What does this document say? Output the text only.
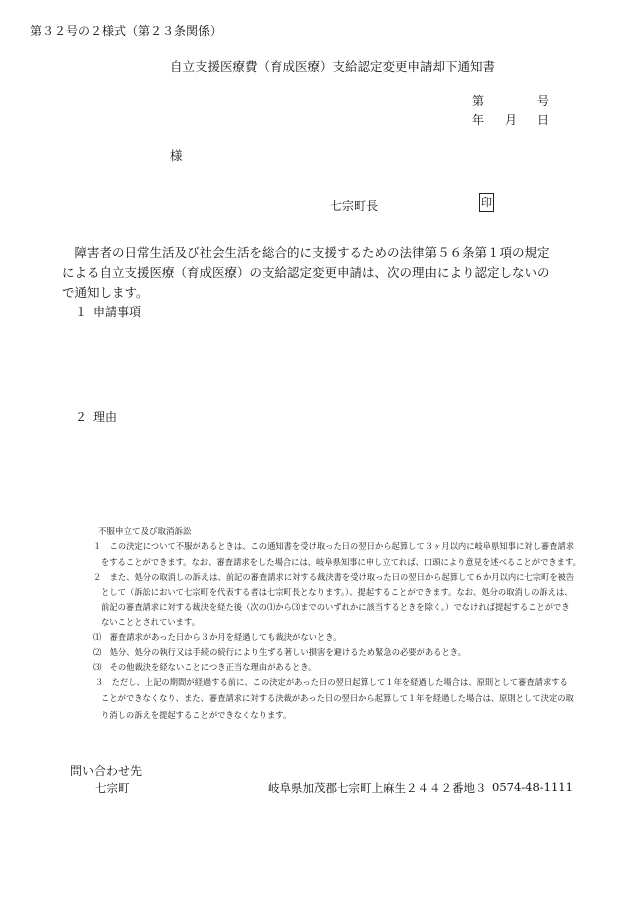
第３２号の２様式（第２３条関係）
自立支援医療費（育成医療）支給認定変更申請却下通知書
第	号
年 月 日
様
七宗町長	印
障害者の日常生活及び社会生活を総合的に支援するための法律第５６条第１項の規定による自立支援医療（育成医療）の支給認定変更申請は、次の理由により認定しないので通知します。
１ 申請事項
２ 理由
不服申立て及び取消訴訟
１　この決定について不服があるときは、この通知書を受け取った日の翌日から起算して３ヶ月以内に岐阜県知事に対し審査請求
をすることができます。なお、審査請求をした場合には、岐阜県知事に申し立てれば、口頭により意見を述べることができます。
２　また、処分の取消しの訴えは、前記の審査請求に対する裁決書を受け取った日の翌日から起算して６か月以内に七宗町を被告
として（訴訟において七宗町を代表する者は七宗町長となります。）、提起することができます。なお、処分の取消しの訴えは、
前記の審査請求に対する裁決を経た後（次の⑴から⑶までのいずれかに該当するときを除く。）でなければ提起することができ
ないこととされています。
⑴　審査請求があった日から３か月を経過しても裁決がないとき。
⑵　処分、処分の執行又は手続の続行により生ずる著しい損害を避けるため緊急の必要があるとき。
⑶　その他裁決を経ないことにつき正当な理由があるとき。
３　ただし、上記の期間が経過する前に、この決定があった日の翌日起算して１年を経過した場合は、原則として審査請求する
ことができなくなり、また、審査請求に対する決裁があった日の翌日から起算して１年を経過した場合は、原則として決定の取
り消しの訴えを提起することができなくなります。
問い合わせ先
七宗町	岐阜県加茂郡七宗町上麻生２４４２番地３ 0574-48-1111
